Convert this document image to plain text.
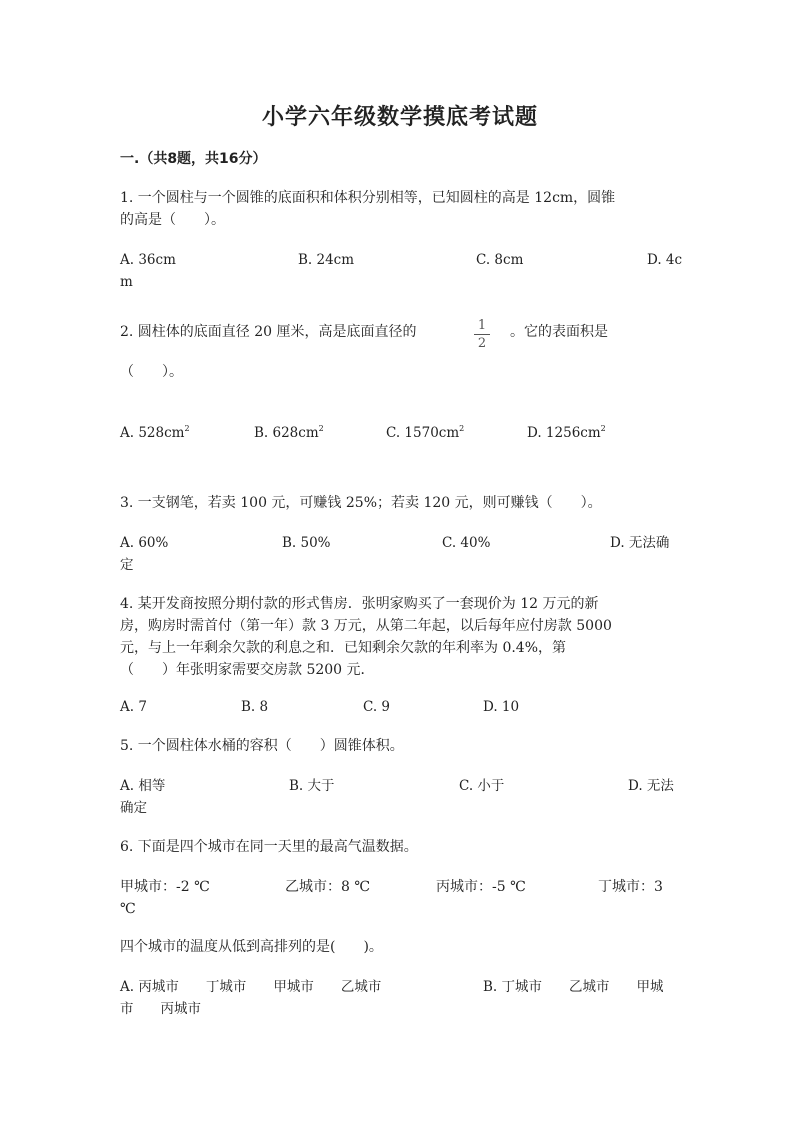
小学六年级数学摸底考试题
一.（共8题，共16分）
1. 一个圆柱与一个圆锥的底面积和体积分别相等，已知圆柱的高是 12cm，圆锥
的高是（　　）。
A. 36cm	B. 24cm	C. 8cm	D. 4c
m
2. 圆柱体的底面直径 20 厘米，高是底面直径的	1
2
。它的表面积是
（　　）。
A. $528cm^2$	B. $628cm^2$	C. $1570cm^2$	D. $1256cm^2$
3. 一支钢笔，若卖 100 元，可赚钱 25%；若卖 120 元，则可赚钱（　　）。
A. 60%	B. 50%	C. 40%	D. 无法确
定
4. 某开发商按照分期付款的形式售房．张明家购买了一套现价为 12 万元的新
房，购房时需首付（第一年）款 3 万元，从第二年起，以后每年应付房款 5000
元，与上一年剩余欠款的利息之和．已知剩余欠款的年利率为 0.4%，第
（　　）年张明家需要交房款 5200 元．
A. 7	B. 8	C. 9	D. 10
5. 一个圆柱体水桶的容积（　　）圆锥体积。
A. 相等	B. 大于	C. 小于	D. 无法
确定
6. 下面是四个城市在同一天里的最高气温数据。
甲城市：-2 ℃	乙城市：8 ℃	丙城市：-5 ℃	丁城市：3
℃
四个城市的温度从低到高排列的是(　　)。
A. 丙城市　　丁城市　　甲城市　　乙城市	B. 丁城市　　乙城市　　甲城
市　　丙城市
